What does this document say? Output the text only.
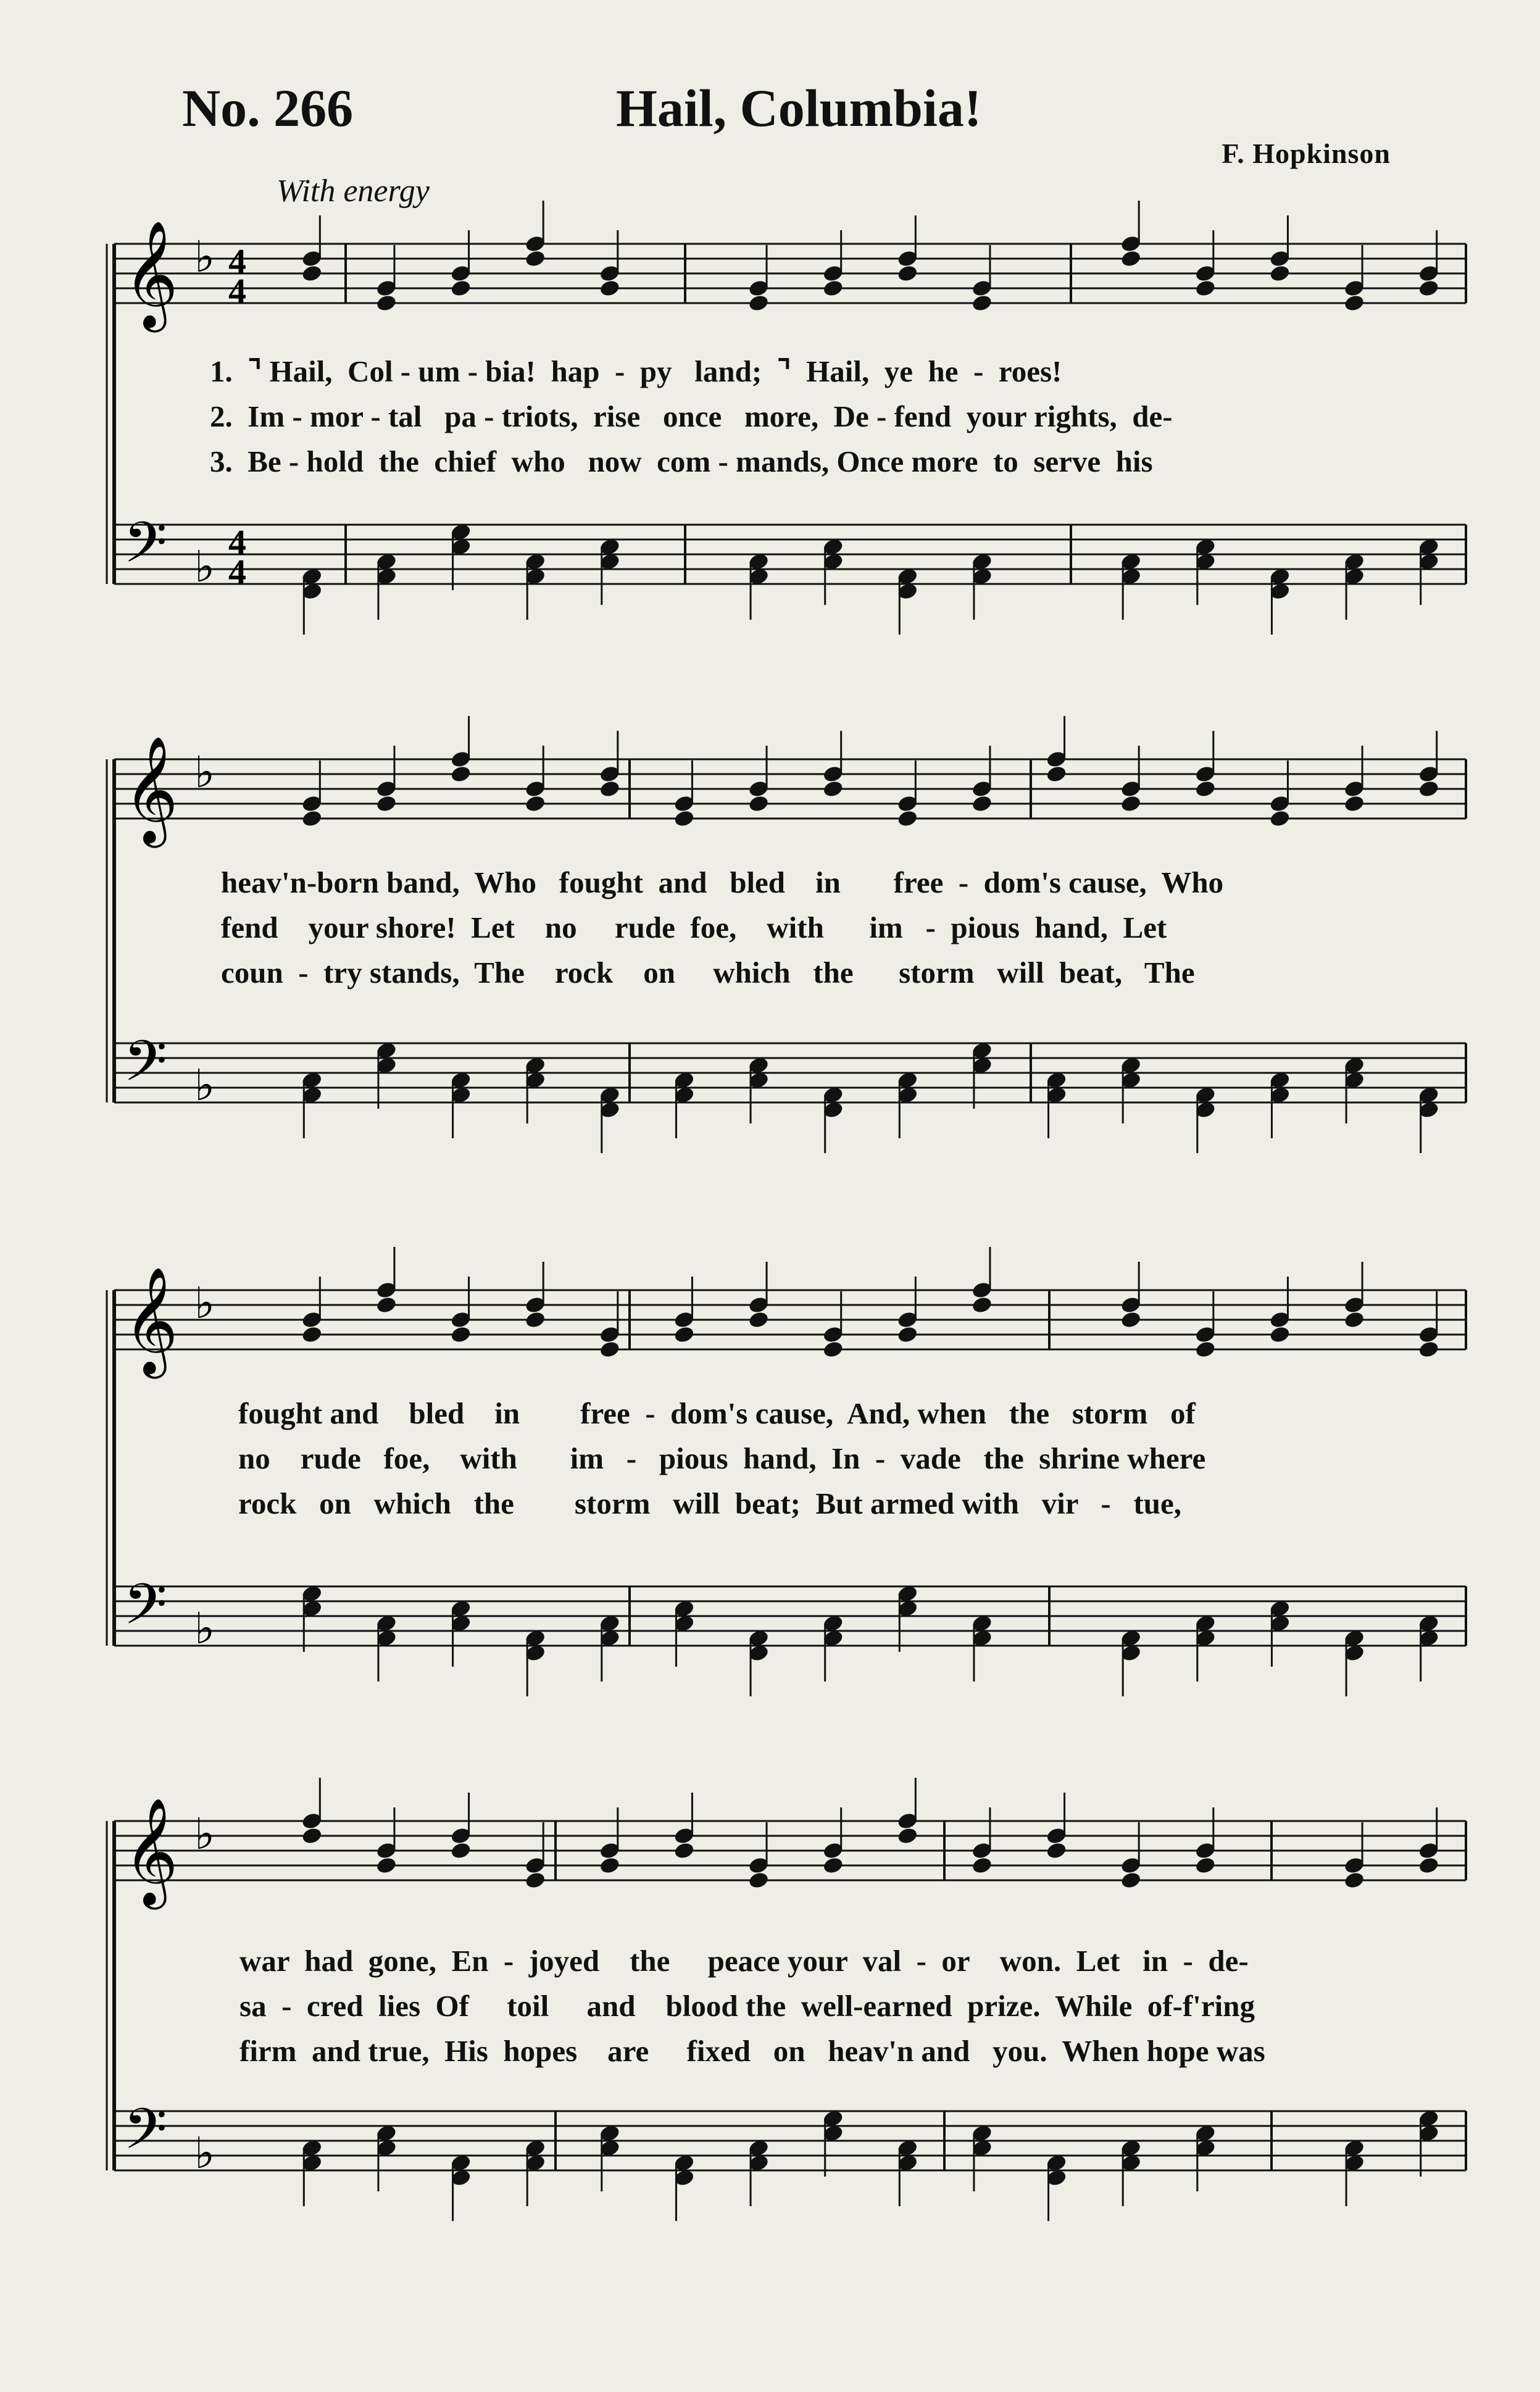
No. 266	Hail, Columbia!
F. Hopkinson
With energy
𝄞 ♭ 4
4
𝄢 ♭ 4
4
𝄞 ♭
𝄢 ♭
𝄞 ♭
𝄢 ♭
𝄞 ♭
𝄢 ♭
1.  ⌝ Hail,  Col - um - bia!  hap  -  py   land;  ⌝  Hail,  ye  he  -  roes!
2.  Im - mor - tal   pa - triots,  rise   once   more,  De - fend  your rights,  de-
3.  Be - hold  the  chief  who   now  com - mands, Once more  to  serve  his
heav'n-born band,  Who   fought  and   bled    in       free  -  dom's cause,  Who
fend    your shore!  Let    no     rude  foe,    with      im   -  pious  hand,  Let
coun  -  try stands,  The    rock    on     which   the      storm   will  beat,   The
fought and    bled    in        free  -  dom's cause,  And, when   the   storm   of
no    rude   foe,    with       im   -   pious  hand,  In  -  vade   the  shrine where
rock   on   which   the        storm   will  beat;  But armed with   vir   -   tue,
war  had  gone,  En  -  joyed    the     peace your  val  -  or    won.  Let   in  -  de-
sa  -  cred  lies  Of     toil     and    blood the  well-earned  prize.  While  of-f'ring
firm  and true,  His  hopes    are     fixed   on   heav'n and   you.  When hope was
